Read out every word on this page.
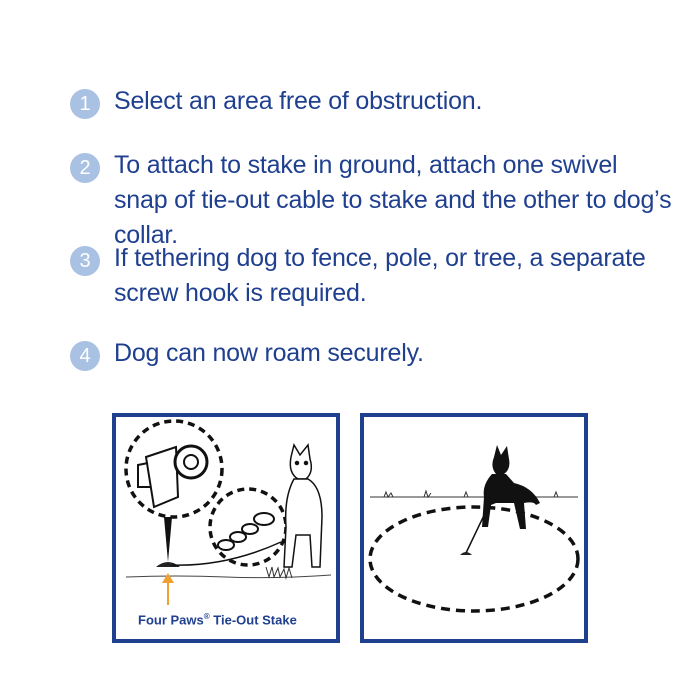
1 Select an area free of obstruction.
2 To attach to stake in ground, attach one swivel snap of tie-out cable to stake and the other to dog’s collar.
3 If tethering dog to fence, pole, or tree, a separate screw hook is required.
4 Dog can now roam securely.
Four Paws® Tie-Out Stake
